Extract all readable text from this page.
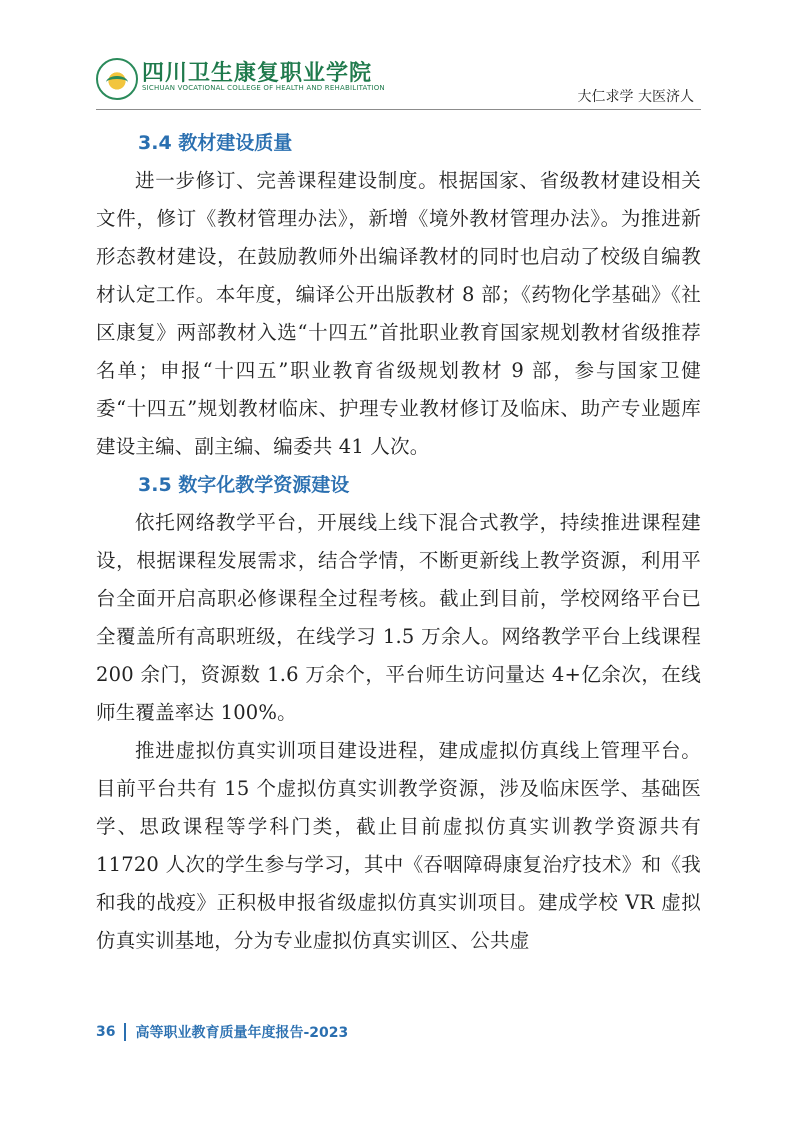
四川卫生康复职业学院
SICHUAN VOCATIONAL COLLEGE OF HEALTH AND REHABILITATION
大仁求学 大医济人
3.4 教材建设质量

进一步修订、完善课程建设制度。根据国家、省级教材建设相关文件，修订《教材管理办法》，新增《境外教材管理办法》。为推进新形态教材建设，在鼓励教师外出编译教材的同时也启动了校级自编教材认定工作。本年度，编译公开出版教材 8 部；《药物化学基础》《社区康复》两部教材入选“十四五”首批职业教育国家规划教材省级推荐名单；申报“十四五”职业教育省级规划教材 9 部，参与国家卫健委“十四五”规划教材临床、护理专业教材修订及临床、助产专业题库建设主编、副主编、编委共 41 人次。

3.5 数字化教学资源建设

依托网络教学平台，开展线上线下混合式教学，持续推进课程建设，根据课程发展需求，结合学情，不断更新线上教学资源，利用平台全面开启高职必修课程全过程考核。截止到目前，学校网络平台已全覆盖所有高职班级，在线学习 1.5 万余人。网络教学平台上线课程 200 余门，资源数 1.6 万余个，平台师生访问量达 4+亿余次，在线师生覆盖率达 100%。

推进虚拟仿真实训项目建设进程，建成虚拟仿真线上管理平台。目前平台共有 15 个虚拟仿真实训教学资源，涉及临床医学、基础医学、思政课程等学科门类，截止目前虚拟仿真实训教学资源共有 11720 人次的学生参与学习，其中《吞咽障碍康复治疗技术》和《我和我的战疫》正积极申报省级虚拟仿真实训项目。建成学校 VR 虚拟仿真实训基地，分为专业虚拟仿真实训区、公共虚

36 高等职业教育质量年度报告-2023
